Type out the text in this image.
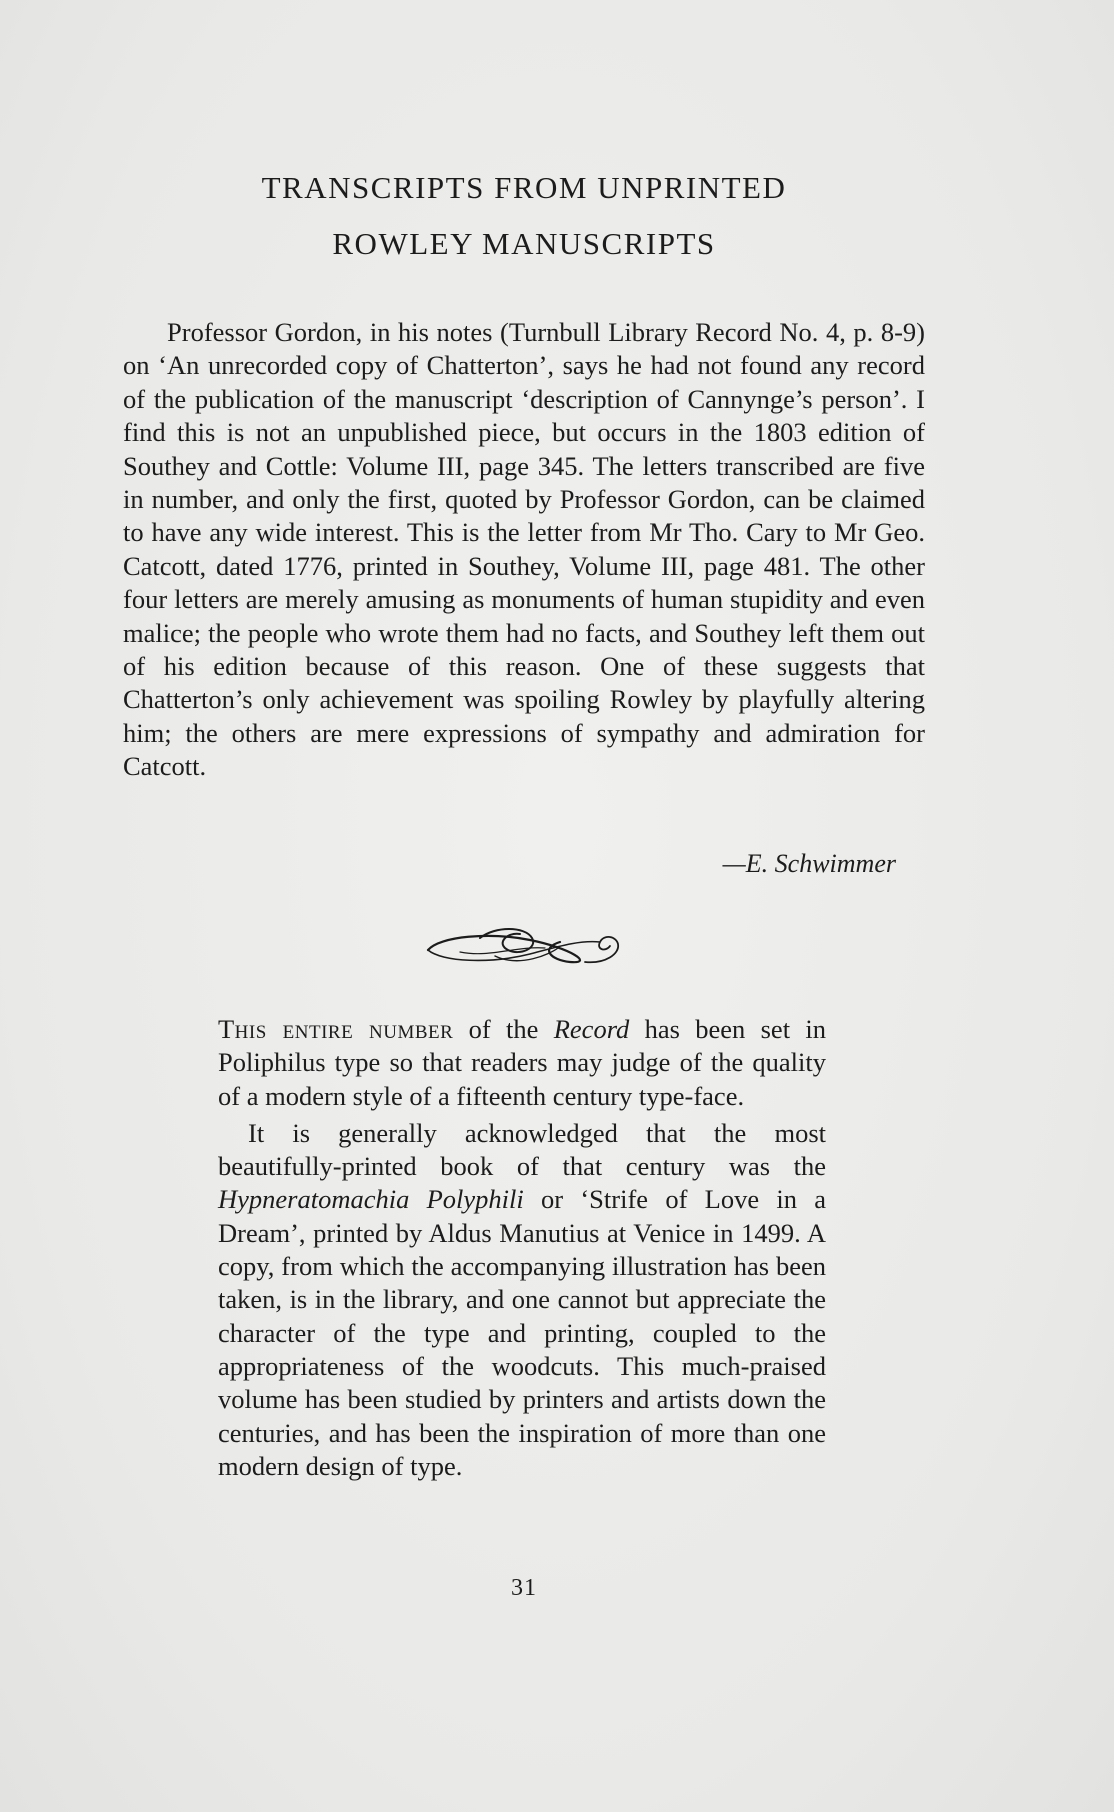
TRANSCRIPTS FROM UNPRINTED
ROWLEY MANUSCRIPTS

Professor Gordon, in his notes (Turnbull Library Record No. 4, p. 8-9) on ‘An unrecorded copy of Chatterton’, says he had not found any record of the publication of the manuscript ‘description of Cannynge’s person’. I find this is not an unpublished piece, but occurs in the 1803 edition of Southey and Cottle: Volume III, page 345. The letters transcribed are five in number, and only the first, quoted by Professor Gordon, can be claimed to have any wide interest. This is the letter from Mr Tho. Cary to Mr Geo. Catcott, dated 1776, printed in Southey, Volume III, page 481. The other four letters are merely amusing as monuments of human stupidity and even malice; the people who wrote them had no facts, and Southey left them out of his edition because of this reason. One of these suggests that Chatterton’s only achievement was spoiling Rowley by playfully altering him; the others are mere expressions of sympathy and admiration for Catcott.

—E. Schwimmer

This entire number of the Record has been set in Poliphilus type so that readers may judge of the quality of a modern style of a fifteenth century type-face.

It is generally acknowledged that the most beautifully-printed book of that century was the Hypneratomachia Polyphili or ‘Strife of Love in a Dream’, printed by Aldus Manutius at Venice in 1499. A copy, from which the accompanying illustration has been taken, is in the library, and one cannot but appreciate the character of the type and printing, coupled to the appropriateness of the woodcuts. This much-praised volume has been studied by printers and artists down the centuries, and has been the inspiration of more than one modern design of type.

31
